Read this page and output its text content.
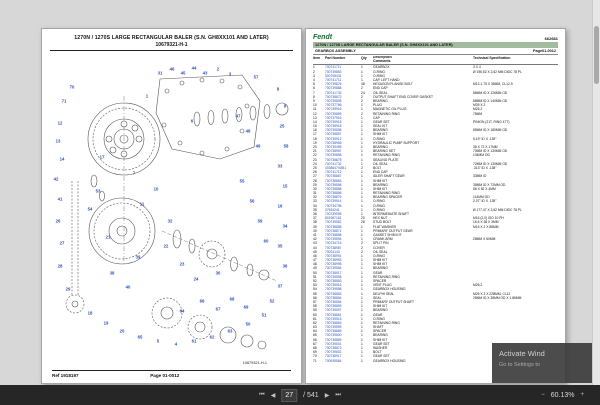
1270N / 1270S LARGE RECTANGULAR BALER (S.N. GH8XX101 AND LATER)
10679321-H-1
31
46
45
44
43
2
3
57
8
70
71
12
13
14
42
41
26
27
28
29
9
25
58
33
15
16
34
35
36
37
18
19
20
65
5
4
61
62
63
50
51
1
7
10
11
22
23
24
30
38
40
17
21
55
56
59
60
6
47
48
49
32
39
52
53
54
64
66
67
68
69
10679321-H-1
Ref 1918197	Page 01-0012
Fendt	662681
1270N / 1270S LARGE RECTANGULAR BALER (S.N. GH8XX101 AND LATER)
GEARBOX ASSEMBLY	Page01-0012
Item	Part Number	Qty	Description
Comments
Technical Specification
1	700741711	1	GEARBOX	3 X 4
2	700739853	1	O-RING	Ø 196,52 X 2,62 MM DIDC 78 PL
3	300708431	1	O-RING
4	700741711	1	CAP, LEFT HAND
5	700739876	48	HEXAGON FLANGE BOLT	M12-1.75 X 35MM, CL12.9
6	700739868	2	END CAP
7	700741733	24	OIL SEAL	86MM ID X 126MM OD
8	700738872	2	OUTPUT SHAFT END COVER GASKET
9	700739895	2	BEARING	88MM ID X 140MM OD
10	700737766	1	PLUG	M39 X 2
11	700739916	1	MAGNETIC OIL PLUG	M26-2
12	700739899	2	RETAINING RING	75MM
13	700737916	1	CAP
14	700739918	1	GEAR SET	PINION (21T, RING 47T)
15	700738918	1	SEAL KIT
16	700739596	1	BEARING	85MM ID X 180MM OD
17	700738857	1	SHIM KIT
18	700739912	1	O-RING	5.19" ID X .139"
19	700738955	1	HYDRAULIC PUMP SUPPORT
20	700739495	1	BEARING	38 X 72 X 17MM
21	700738957	1	BEARING SET	70MM ID X 130MM OD
22	700739898	1	RETAINING RING	134MM OD
23	700738878	1	SEALING PLATE
24	700741732	1	OIL SEAL	72MM ID X 130MM OD
25	4038647/4551	2	BOLT	.313" ID X .138"
26	700741712	1	END CAP
27	700738867	1	IDLER SHAFT GEAR	33MM ID
28	700738883	1	SHIM KIT
29	700739596	1	BEARING	35MM ID X 72MM OD
30	700738888	1	SHIM KIT	58 X 82 X 4MM
31	700738886	1	RETAINING RING
32	700738876	1	BEARING SPACER	114MM OD
33	700739914	1	O-RING	2.37" ID X .139"
34	700734796	1	O-RING
35	37634241	1	O-RING	Ø 177,47 X 2,62 MM DIDC 78 PL
36	700739595	1	INTERMEDIATE SHAFT
37	801987151	20	HEX NUT	M16 (2,0) ISO 10 PH
38	700739562	28	STUD BOLT	16.5 X 38 X 3MM
39	700738858	1	FLAT WASHER	M16 X 2 X 88MM
40	700738871	1	PRIMARY OUTPUT GEAR
41	700738898	1	GASKET SHIM KIT
42	700739594	1	CRANK ARM	28MM X 60MM
43	700734716	2	SPLIT PIN
44	700738987	2	COVER
45	70024143	2	OIL SEAL
46	700738991	1	O-RING
47	700738993	1	SHIM KIT
48	700738995	1	SHIM KIT
49	700739584	1	BEARING
50	700738917	1	GEAR
51	700739598	1	RETAINING RING
52	700738853	1	SPACER
53	700739916	1	VENT PLUG	M26-2
54	700739598	1	GEARBOX HOUSING
55	700738853	1	DELPHI SEAL	M26 X 3 X 22BMM, CL12
56	700738854	1	SEAL	25MM ID X 38MM OD X 1.86MM
57	700736554	1	PRIMARY OUTPUT SHAFT
58	700738859	1	SHIM KIT
59	700739597	1	BEARING
60	700738861	1	GEAR
61	700739915	1	O-RING
62	700738863	1	RETAINING RING
63	700739599	1	SHAFT
64	700738865	1	SPACER
65	700739600	1	BEARING
66	700738869	1	SHIM KIT
67	700739601	1	GEAR SET
68	700738873	1	WASHER
69	700739602	1	BOLT
70	700738917	1	GEAR SET
71	700939584	1	GEARBOX HOUSING
Activate Wind
Go to Settings to
⏮ ◀	27	/ 541 ▶ ⏭	− 60.13% +
